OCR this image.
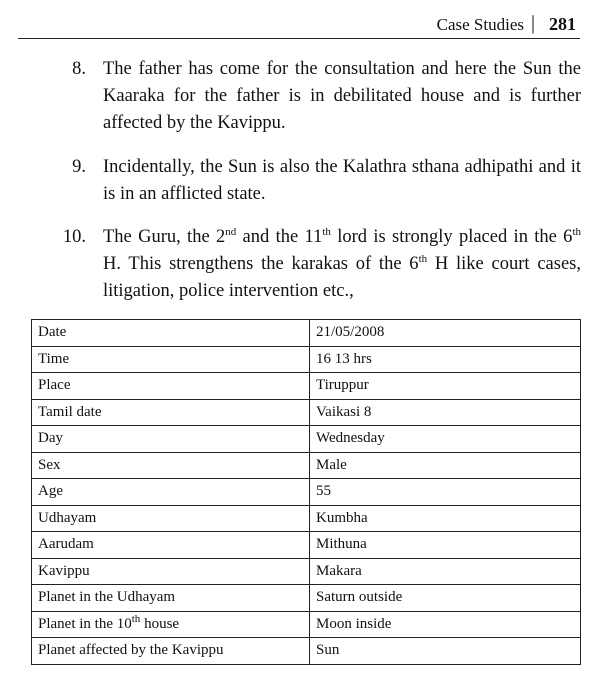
Case Studies | 281
8. The father has come for the consultation and here the Sun the Kaaraka for the father is in debilitated house and is further affected by the Kavippu.
9. Incidentally, the Sun is also the Kalathra sthana adhipathi and it is in an afflicted state.
10. The Guru, the 2nd and the 11th lord is strongly placed in the 6th H. This strengthens the karakas of the 6th H like court cases, litigation, police intervention etc.,
Date	21/05/2008
Time	16 13 hrs
Place	Tiruppur
Tamil date	Vaikasi 8
Day	Wednesday
Sex	Male
Age	55
Udhayam	Kumbha
Aarudam	Mithuna
Kavippu	Makara
Planet in the Udhayam	Saturn outside
Planet in the 10th house	Moon inside
Planet affected by the Kavippu	Sun
